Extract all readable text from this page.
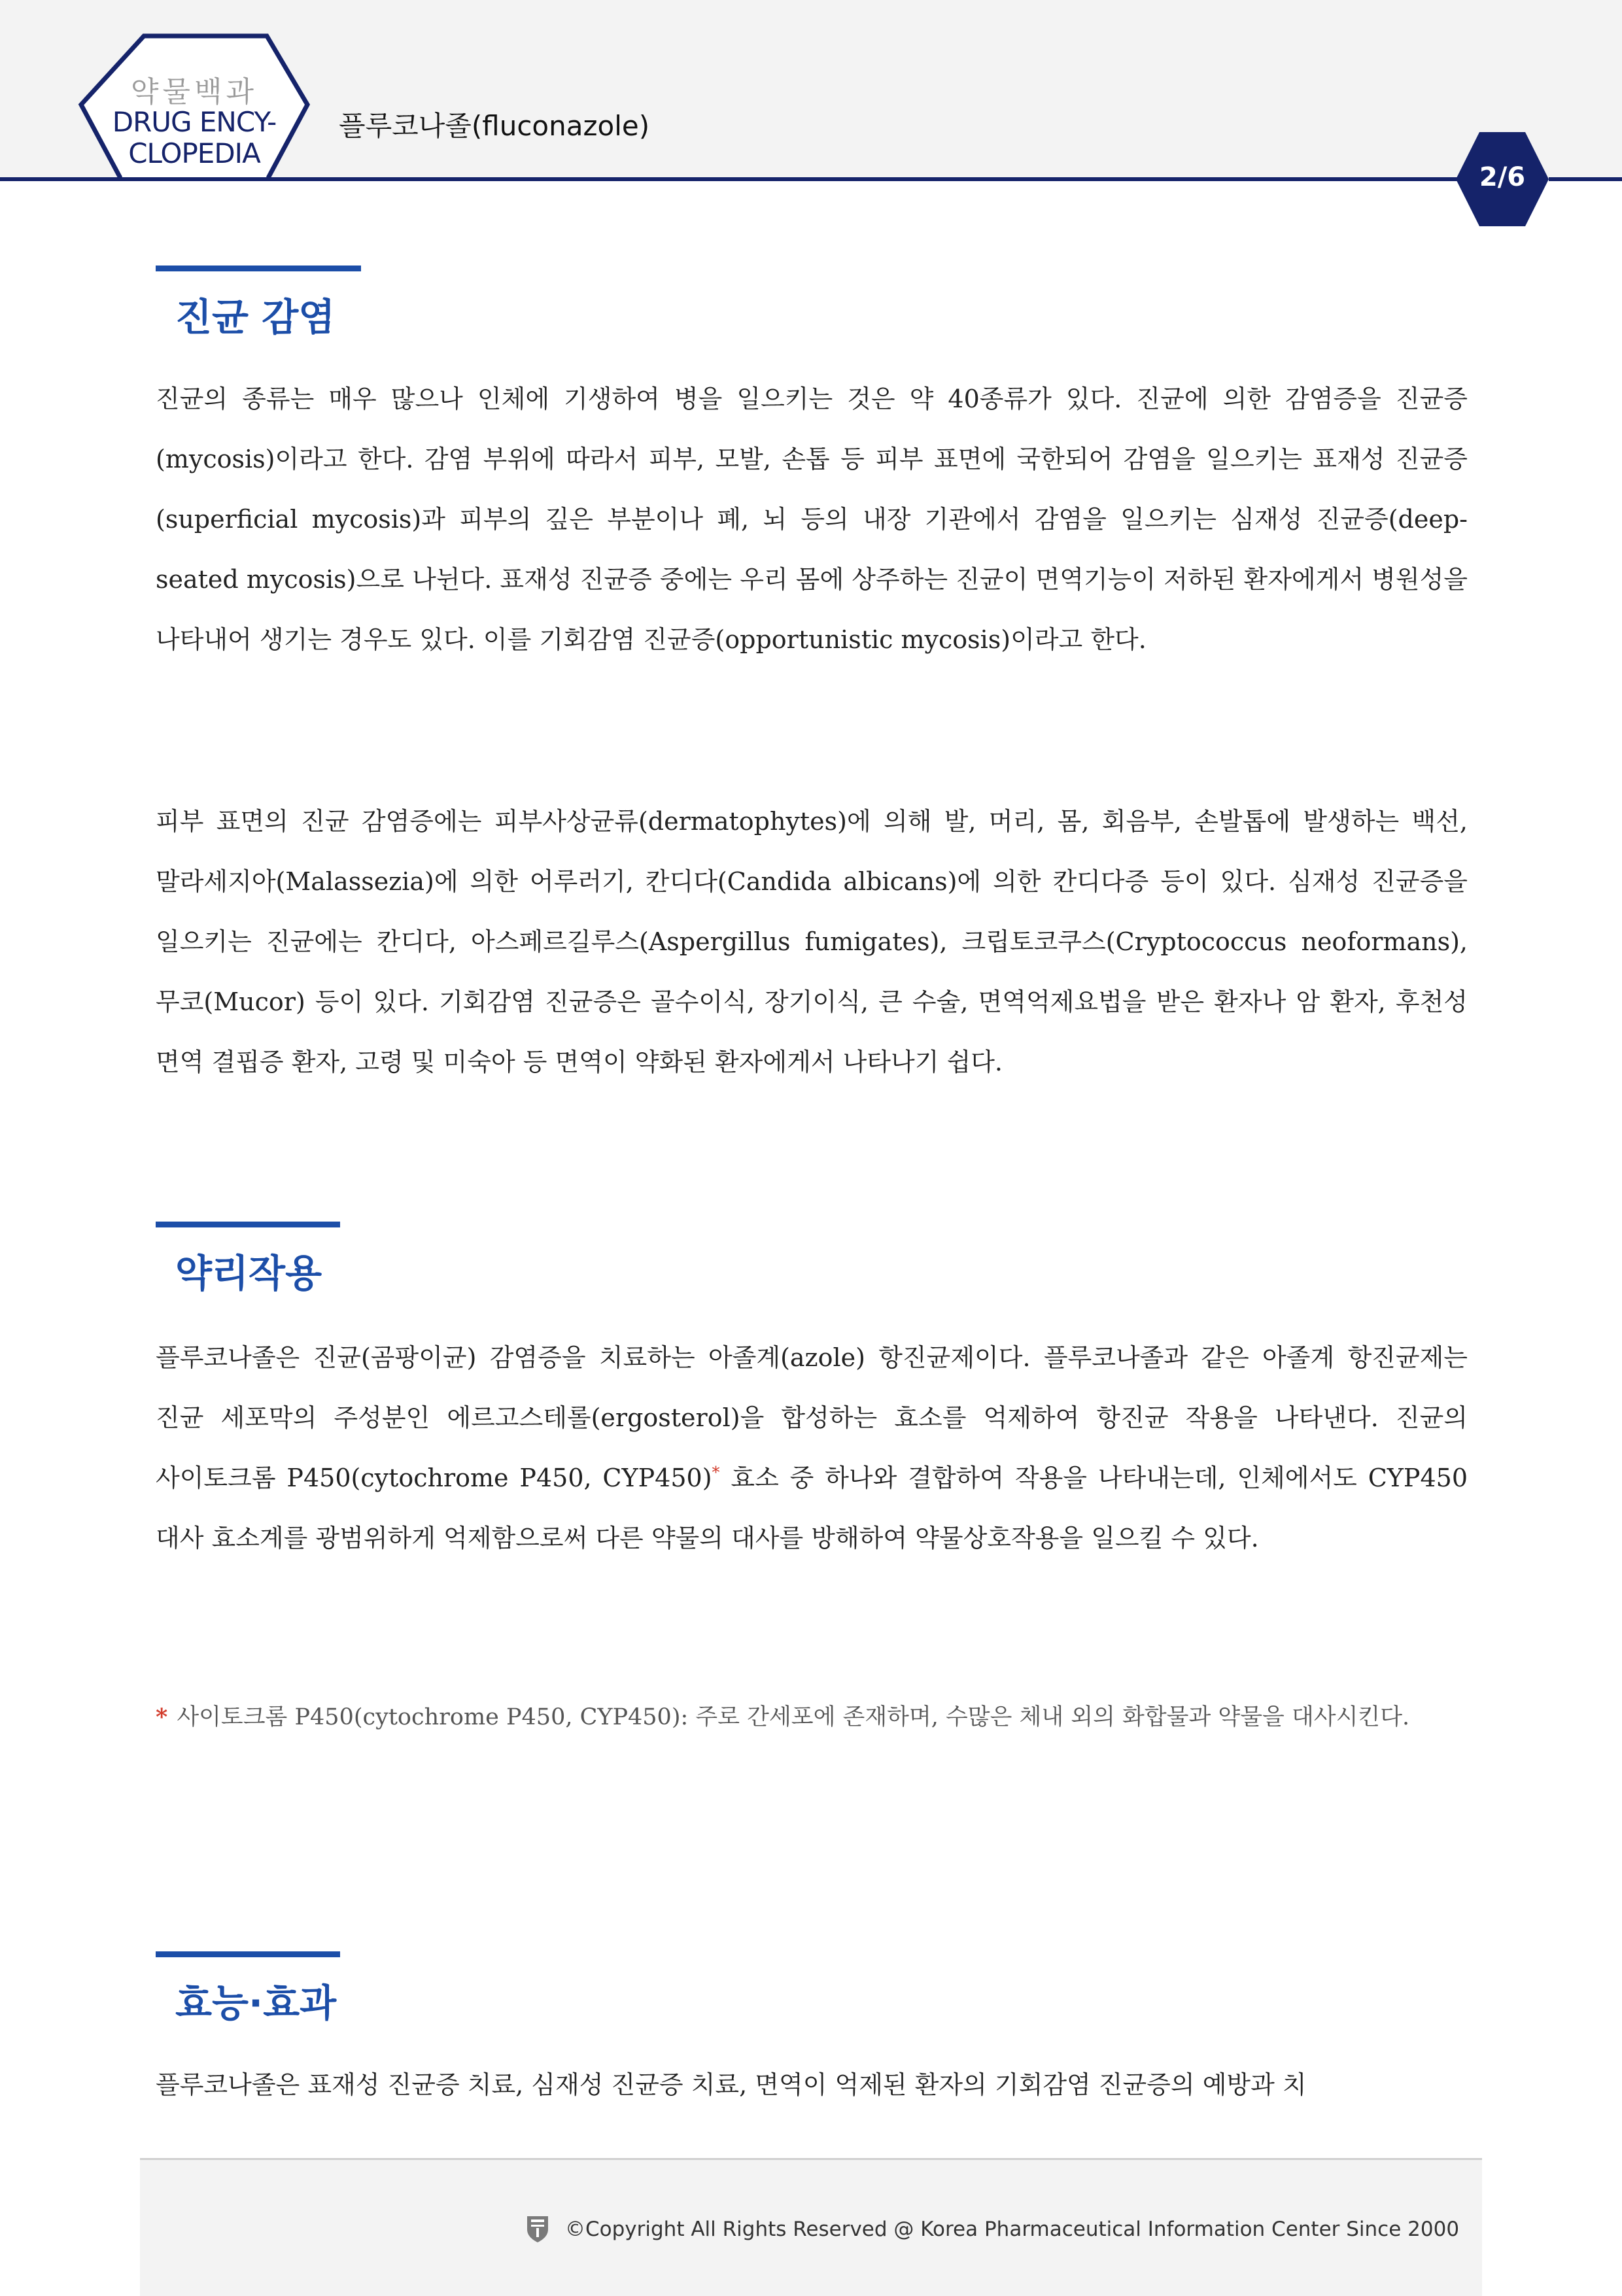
약물백과
DRUG ENCY-
CLOPEDIA
플루코나졸(fluconazole)
2/6
진균 감염

진균의 종류는 매우 많으나 인체에 기생하여 병을 일으키는 것은 약 40종류가 있다. 진균에 의한 감염증을 진균증(mycosis)이라고 한다. 감염 부위에 따라서 피부, 모발, 손톱 등 피부 표면에 국한되어 감염을 일으키는 표재성 진균증(superficial mycosis)과 피부의 깊은 부분이나 폐, 뇌 등의 내장 기관에서 감염을 일으키는 심재성 진균증(deep-seated mycosis)으로 나뉜다. 표재성 진균증 중에는 우리 몸에 상주하는 진균이 면역기능이 저하된 환자에게서 병원성을 나타내어 생기는 경우도 있다. 이를 기회감염 진균증(opportunistic mycosis)이라고 한다.

피부 표면의 진균 감염증에는 피부사상균류(dermatophytes)에 의해 발, 머리, 몸, 회음부, 손발톱에 발생하는 백선, 말라세지아(Malassezia)에 의한 어루러기, 칸디다(Candida albicans)에 의한 칸디다증 등이 있다. 심재성 진균증을 일으키는 진균에는 칸디다, 아스페르길루스(Aspergillus fumigates), 크립토코쿠스(Cryptococcus neoformans), 무코(Mucor) 등이 있다. 기회감염 진균증은 골수이식, 장기이식, 큰 수술, 면역억제요법을 받은 환자나 암 환자, 후천성 면역 결핍증 환자, 고령 및 미숙아 등 면역이 약화된 환자에게서 나타나기 쉽다.

약리작용

플루코나졸은 진균(곰팡이균) 감염증을 치료하는 아졸계(azole) 항진균제이다. 플루코나졸과 같은 아졸계 항진균제는 진균 세포막의 주성분인 에르고스테롤(ergosterol)을 합성하는 효소를 억제하여 항진균 작용을 나타낸다. 진균의 사이토크롬 P450(cytochrome P450, CYP450)* 효소 중 하나와 결합하여 작용을 나타내는데, 인체에서도 CYP450 대사 효소계를 광범위하게 억제함으로써 다른 약물의 대사를 방해하여 약물상호작용을 일으킬 수 있다.

* 사이토크롬 P450(cytochrome P450, CYP450): 주로 간세포에 존재하며, 수많은 체내 외의 화합물과 약물을 대사시킨다.

효능·효과

플루코나졸은 표재성 진균증 치료, 심재성 진균증 치료, 면역이 억제된 환자의 기회감염 진균증의 예방과 치

©Copyright All Rights Reserved @ Korea Pharmaceutical Information Center Since 2000
